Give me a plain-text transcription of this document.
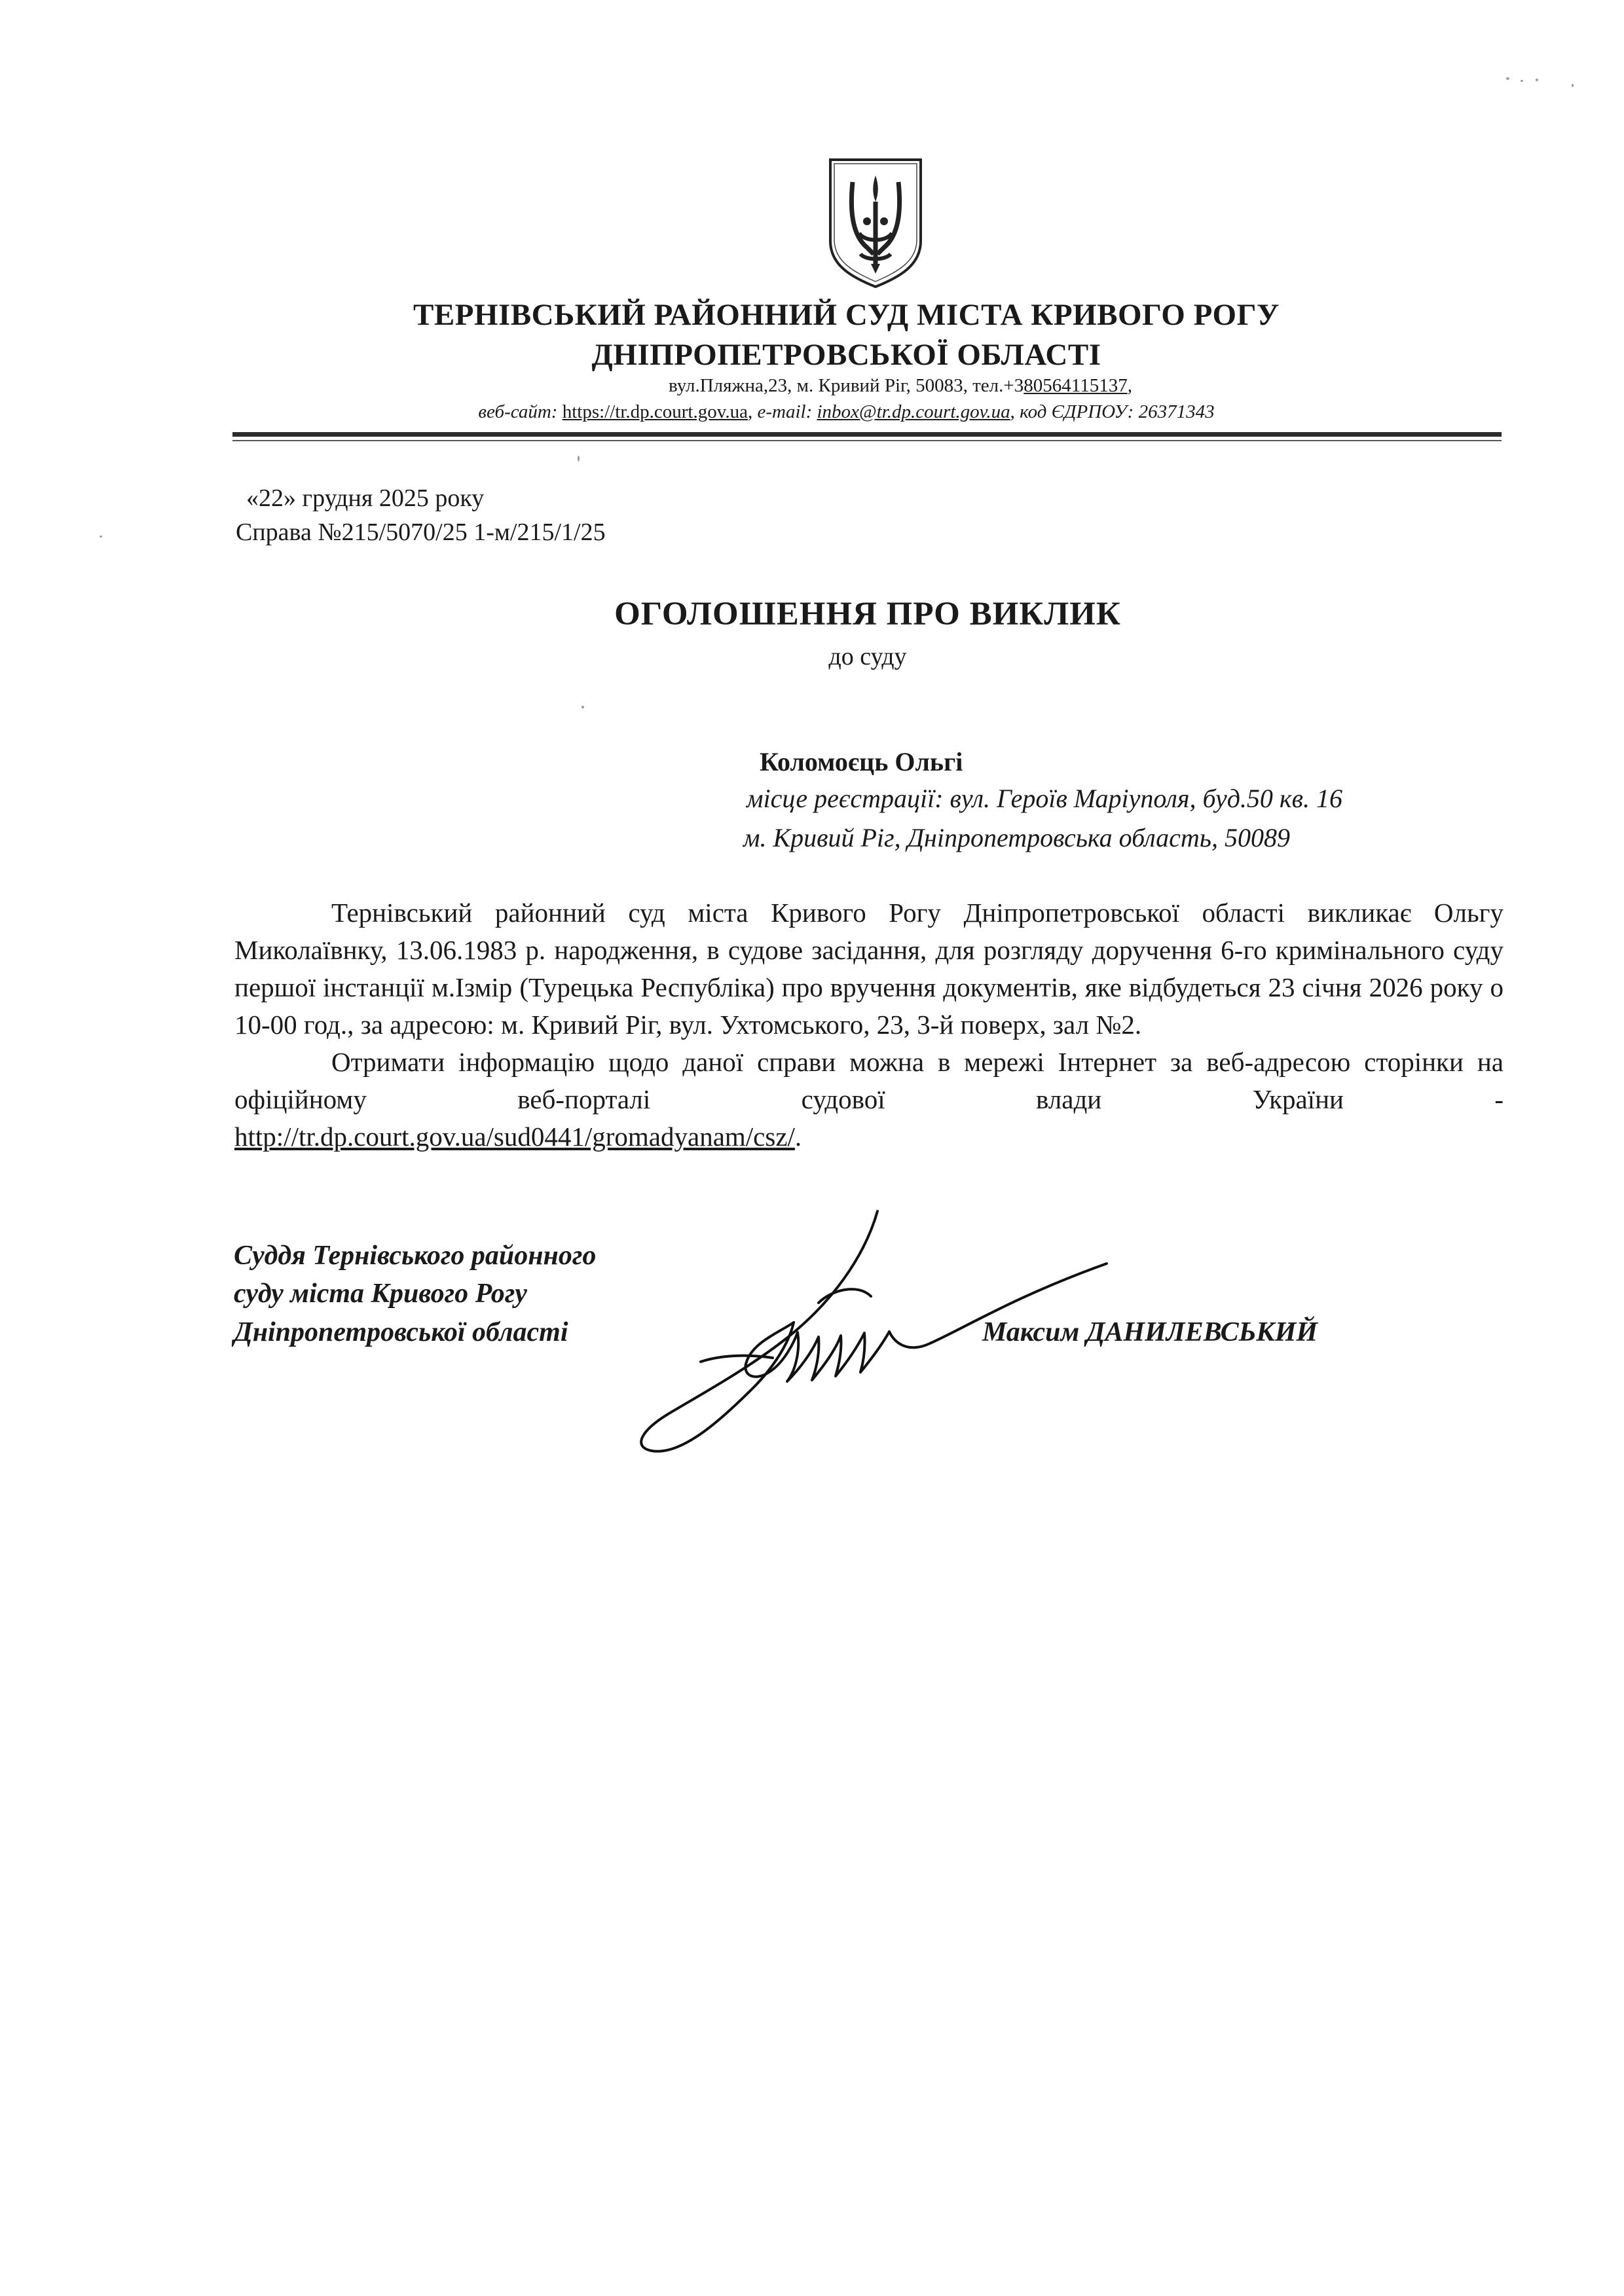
ТЕРНІВСЬКИЙ РАЙОННИЙ СУД МІСТА КРИВОГО РОГУ
ДНІПРОПЕТРОВСЬКОЇ ОБЛАСТІ
вул.Пляжна,23, м. Кривий Ріг, 50083, тел.+380564115137,
веб-сайт: https://tr.dp.court.gov.ua, e-mail: inbox@tr.dp.court.gov.ua, код ЄДРПОУ: 26371343
«22» грудня 2025 року
Справа №215/5070/25 1-м/215/1/25
ОГОЛОШЕННЯ ПРО ВИКЛИК
до суду
Коломоєць Ольгі
місце реєстрації: вул. Героїв Маріуполя, буд.50 кв. 16
м. Кривий Ріг, Дніпропетровська область, 50089

Тернівський районний суд міста Кривого Рогу Дніпропетровської області викликає Ольгу Миколаївнку, 13.06.1983 р. народження, в судове засідання, для розгляду доручення 6-го кримінального суду першої інстанції м.Ізмір (Турецька Республіка) про вручення документів, яке відбудеться 23 січня 2026 року о 10-00 год., за адресою: м. Кривий Ріг, вул. Ухтомського, 23, 3-й поверх, зал №2.

Отримати інформацію щодо даної справи можна в мережі Інтернет за веб-адресою сторінки на офіційному веб-порталі судової влади України -

http://tr.dp.court.gov.ua/sud0441/gromadyanam/csz/.

Суддя Тернівського районного
суду міста Кривого Рогу
Дніпропетровської області	Максим ДАНИЛЕВСЬКИЙ
